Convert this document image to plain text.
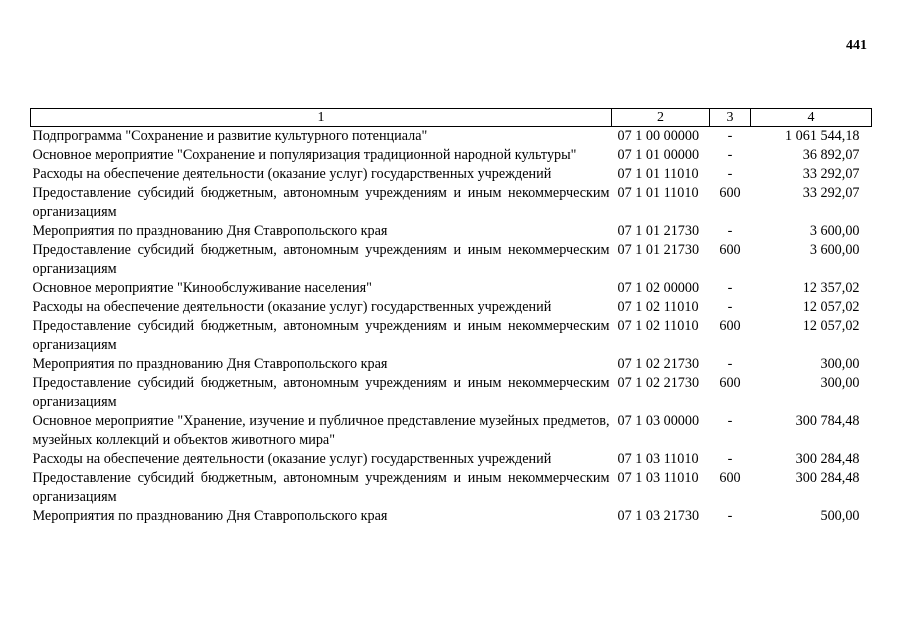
441
1	2	3	4
Подпрограмма "Сохранение и развитие культурного потенциала"	07 1 00 00000	-	1 061 544,18
Основное мероприятие "Сохранение и популяризация традиционной народной культуры"	07 1 01 00000	-	36 892,07
Расходы на обеспечение деятельности (оказание услуг) государственных учреждений	07 1 01 11010	-	33 292,07
Предоставление субсидий бюджетным, автономным учреждениям и иным некоммерческим организациям	07 1 01 11010	600	33 292,07
Мероприятия по празднованию Дня Ставропольского края	07 1 01 21730	-	3 600,00
Предоставление субсидий бюджетным, автономным учреждениям и иным некоммерческим организациям	07 1 01 21730	600	3 600,00
Основное мероприятие "Кинообслуживание населения"	07 1 02 00000	-	12 357,02
Расходы на обеспечение деятельности (оказание услуг) государственных учреждений	07 1 02 11010	-	12 057,02
Предоставление субсидий бюджетным, автономным учреждениям и иным некоммерческим организациям	07 1 02 11010	600	12 057,02
Мероприятия по празднованию Дня Ставропольского края	07 1 02 21730	-	300,00
Предоставление субсидий бюджетным, автономным учреждениям и иным некоммерческим организациям	07 1 02 21730	600	300,00
Основное мероприятие "Хранение, изучение и публичное представление музейных предметов, музейных коллекций и объектов животного мира"	07 1 03 00000	-	300 784,48
Расходы на обеспечение деятельности (оказание услуг) государственных учреждений	07 1 03 11010	-	300 284,48
Предоставление субсидий бюджетным, автономным учреждениям и иным некоммерческим организациям	07 1 03 11010	600	300 284,48
Мероприятия по празднованию Дня Ставропольского края	07 1 03 21730	-	500,00
